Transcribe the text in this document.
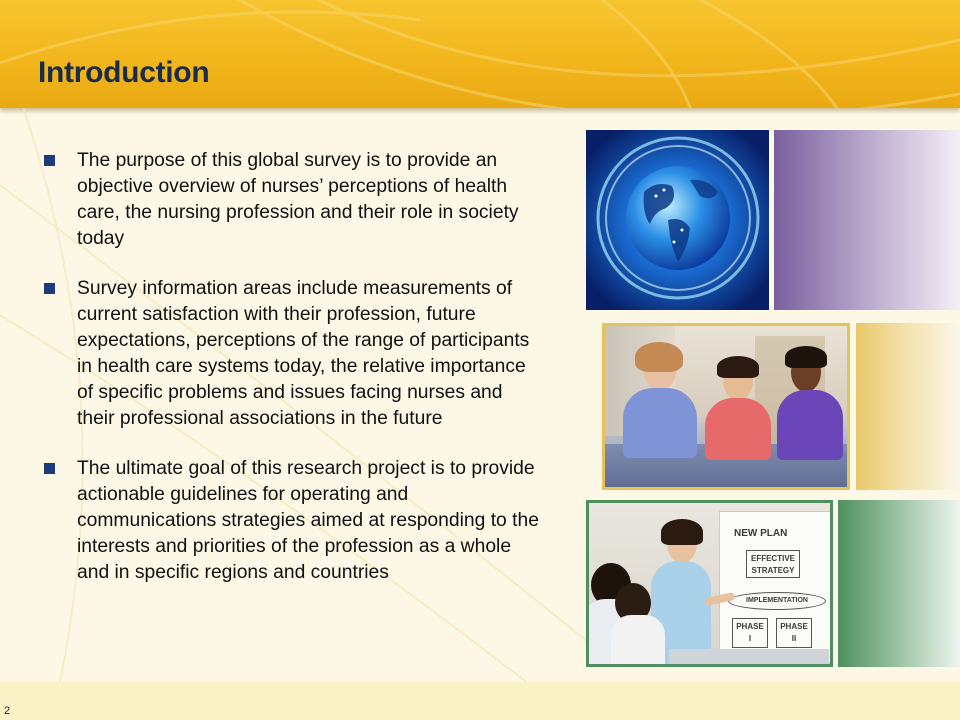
Introduction
The purpose of this global survey is to provide an objective overview of nurses’ perceptions of health care, the nursing profession and their role in society today
Survey information areas include measurements of current satisfaction with their profession, future expectations, perceptions of the range of participants in health care systems today, the relative importance of specific problems and issues facing nurses and their professional associations in the future
The ultimate goal of this research project is to provide actionable guidelines for operating and communications strategies aimed at responding to the interests and priorities of the profession as a whole and in specific regions and countries
NEW PLAN
EFFECTIVE
STRATEGY
IMPLEMENTATION
PHASE
I
PHASE
II
2
